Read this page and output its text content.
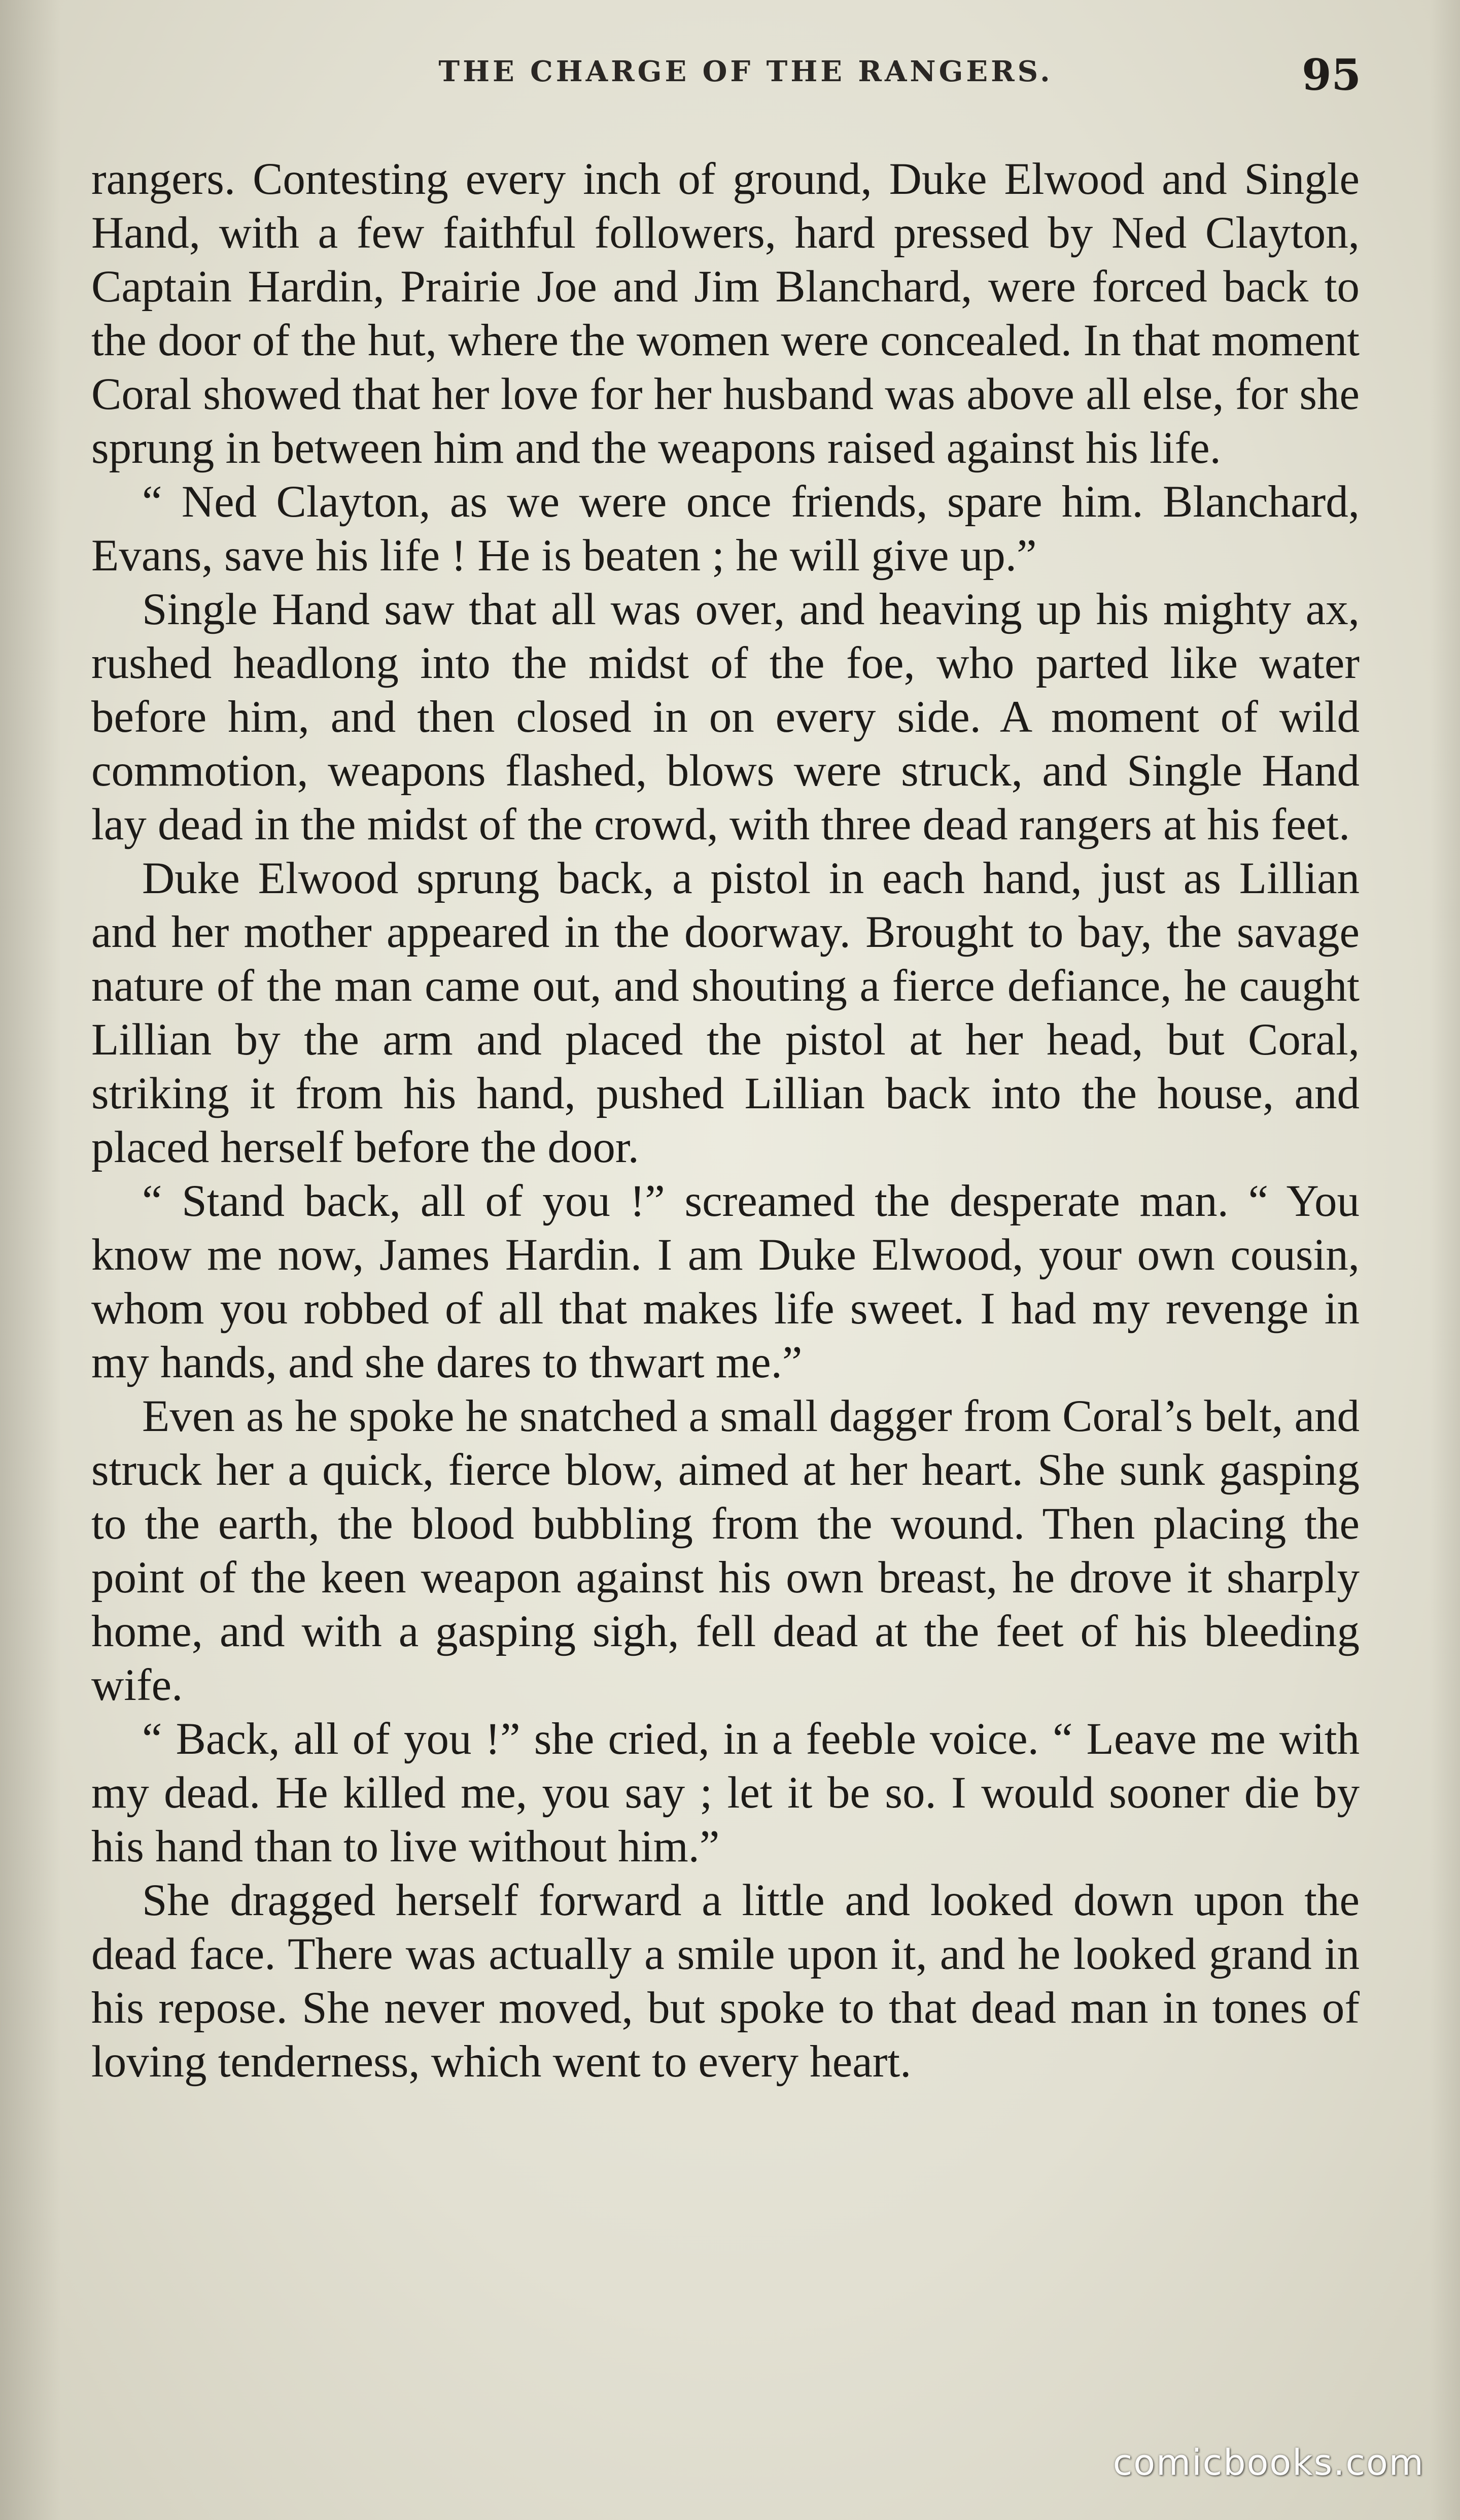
THE CHARGE OF THE RANGERS.	95

rangers. Contesting every inch of ground, Duke Elwood and Single Hand, with a few faithful followers, hard pressed by Ned Clayton, Captain Hardin, Prairie Joe and Jim Blanchard, were forced back to the door of the hut, where the women were concealed. In that moment Coral showed that her love for her husband was above all else, for she sprung in between him and the weapons raised against his life.

“ Ned Clayton, as we were once friends, spare him. Blanchard, Evans, save his life ! He is beaten ; he will give up.”

Single Hand saw that all was over, and heaving up his mighty ax, rushed headlong into the midst of the foe, who parted like water before him, and then closed in on every side. A moment of wild commotion, weapons flashed, blows were struck, and Single Hand lay dead in the midst of the crowd, with three dead rangers at his feet.

Duke Elwood sprung back, a pistol in each hand, just as Lillian and her mother appeared in the doorway. Brought to bay, the savage nature of the man came out, and shouting a fierce defiance, he caught Lillian by the arm and placed the pistol at her head, but Coral, striking it from his hand, pushed Lillian back into the house, and placed herself before the door.

“ Stand back, all of you !” screamed the desperate man. “ You know me now, James Hardin. I am Duke Elwood, your own cousin, whom you robbed of all that makes life sweet. I had my revenge in my hands, and she dares to thwart me.”

Even as he spoke he snatched a small dagger from Coral’s belt, and struck her a quick, fierce blow, aimed at her heart. She sunk gasping to the earth, the blood bubbling from the wound. Then placing the point of the keen weapon against his own breast, he drove it sharply home, and with a gasping sigh, fell dead at the feet of his bleeding wife.

“ Back, all of you !” she cried, in a feeble voice. “ Leave me with my dead. He killed me, you say ; let it be so. I would sooner die by his hand than to live without him.”

She dragged herself forward a little and looked down upon the dead face. There was actually a smile upon it, and he looked grand in his repose. She never moved, but spoke to that dead man in tones of loving tenderness, which went to every heart.

comicbooks.com
